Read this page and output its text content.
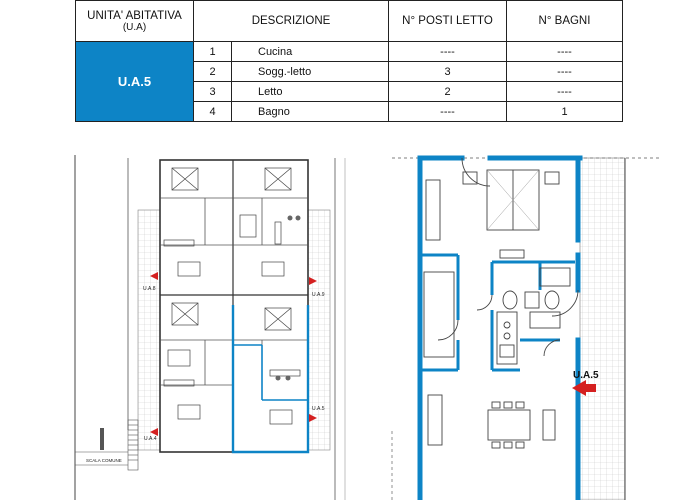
UNITA' ABITATIVA
(U.A)	DESCRIZIONE		N° POSTI LETTO	N° BAGNI
U.A.5	1	Cucina	----	----
	2	Sogg.-letto	3	----
	3	Letto	2	----
	4	Bagno	----	1
U.A.8
U.A.9
U.A.5
U.A.4
SCALA COMUNE
U.A.5
